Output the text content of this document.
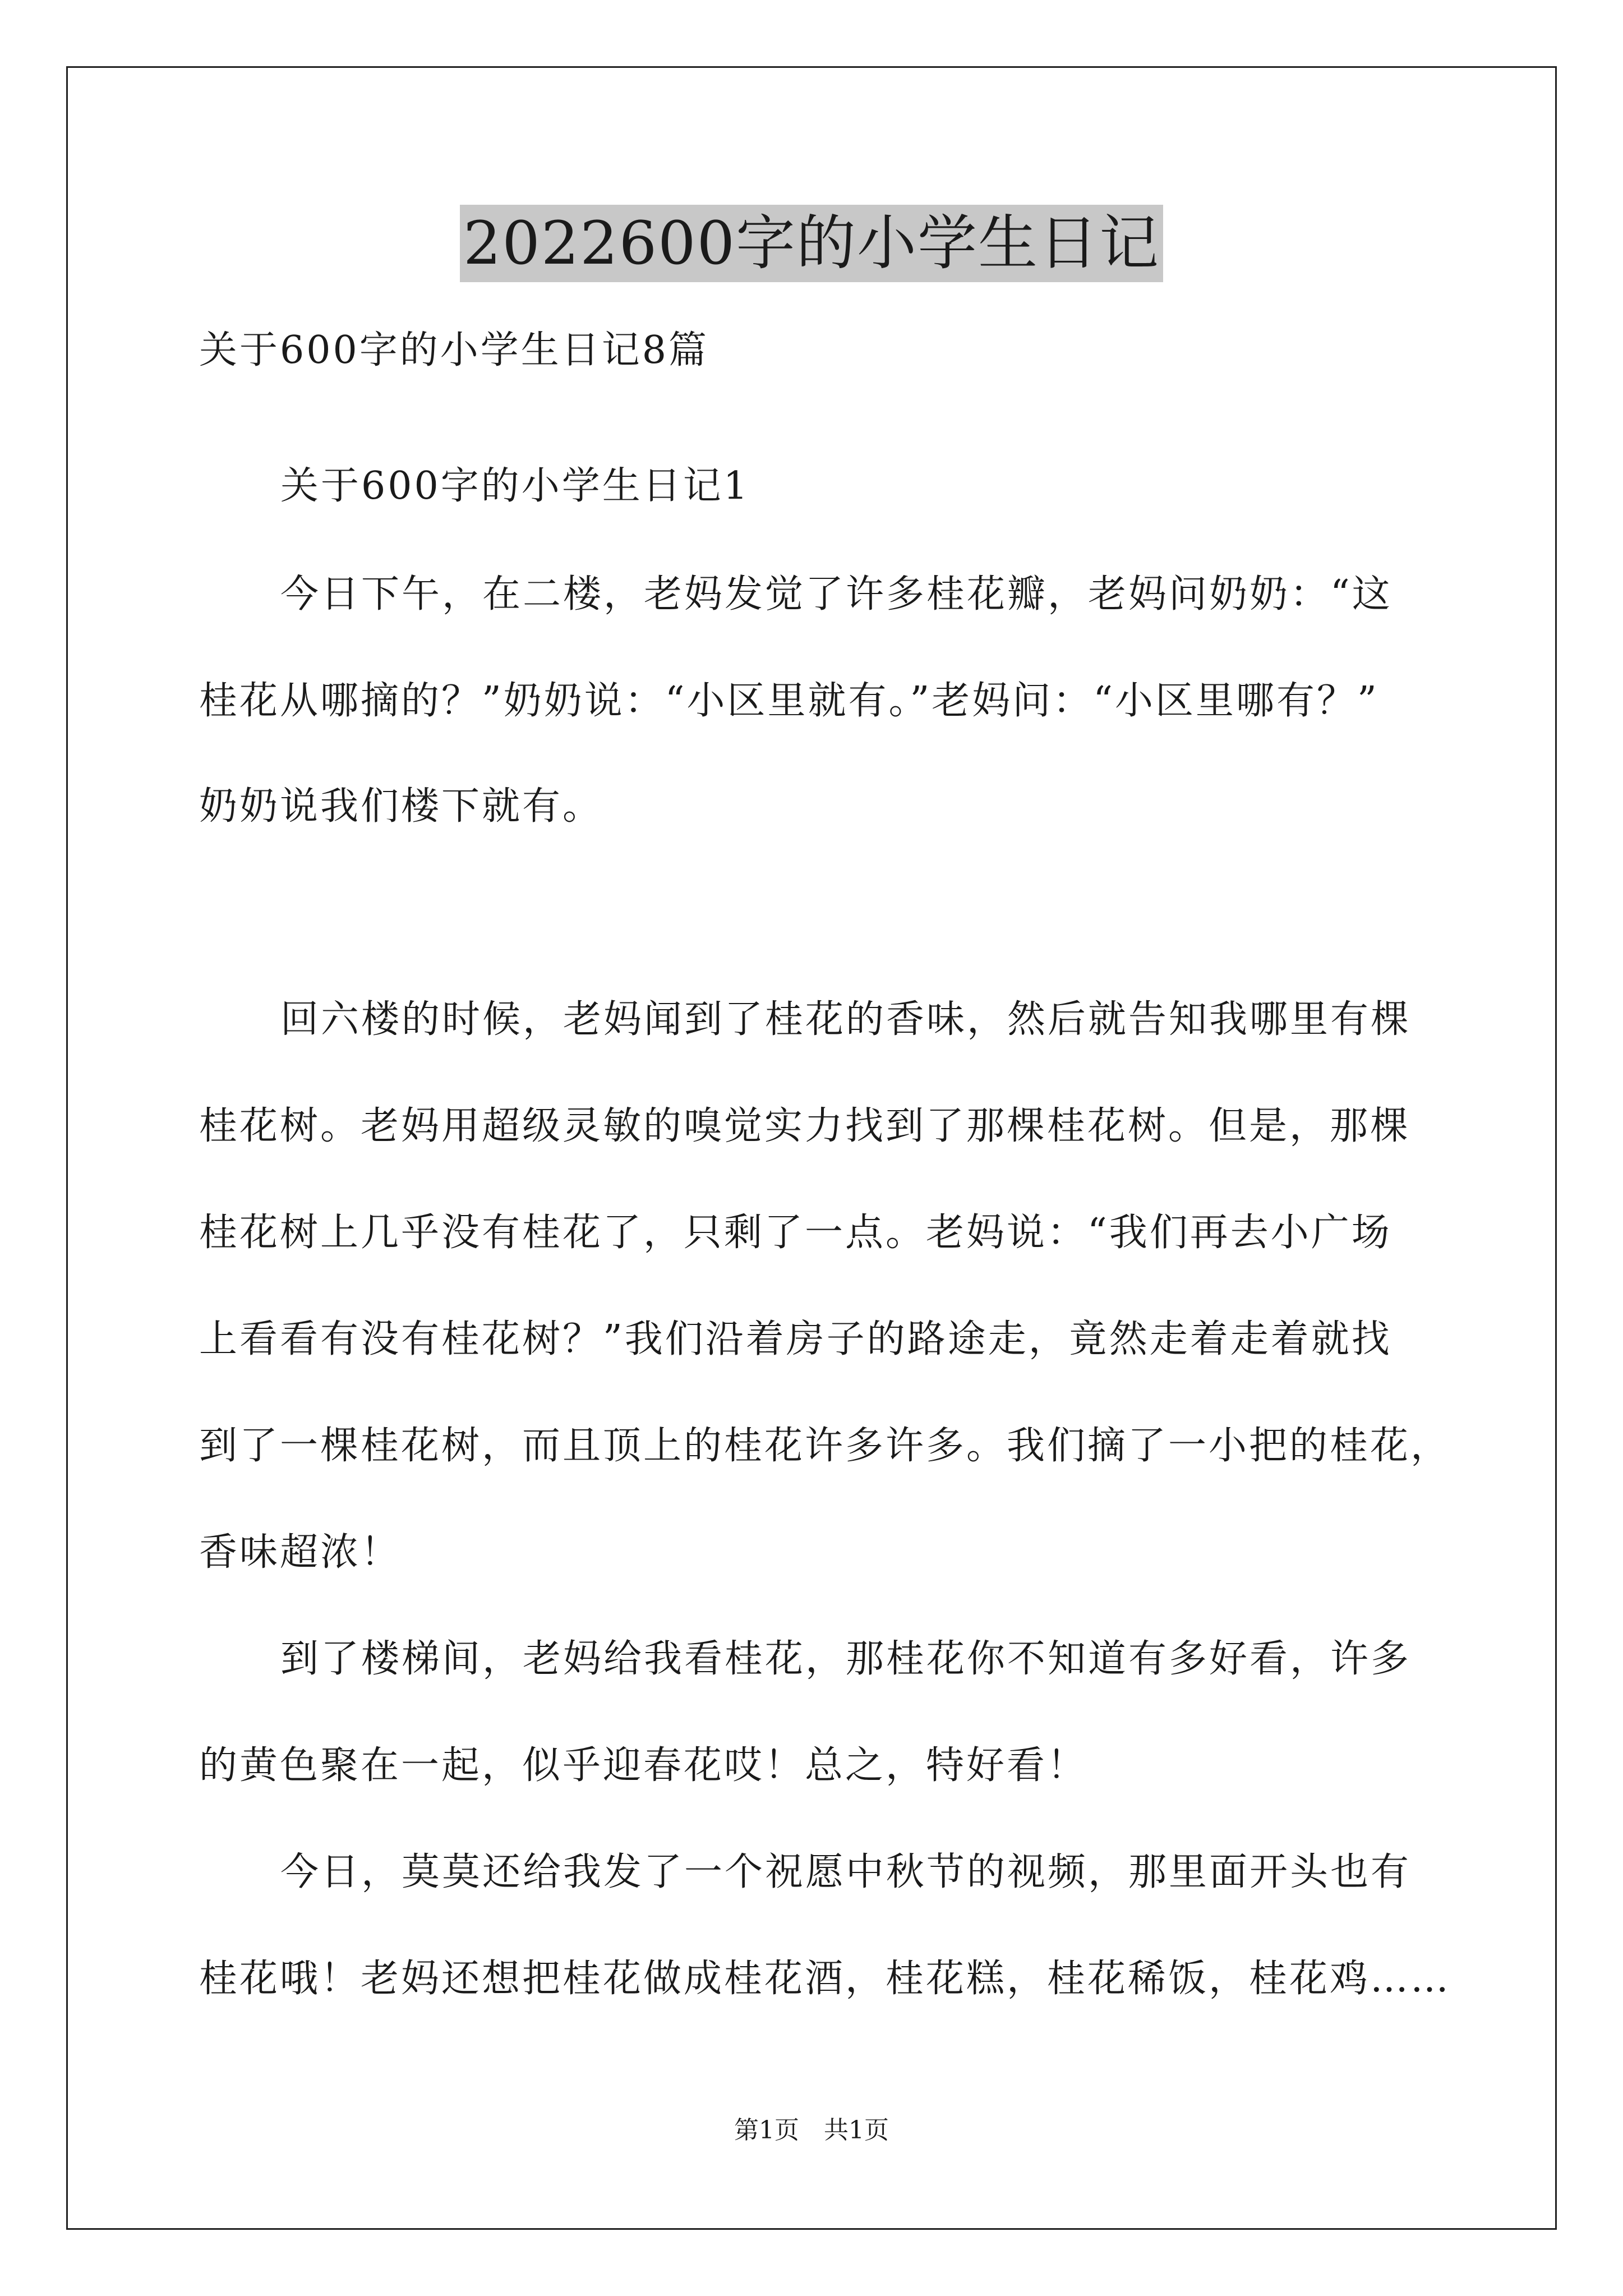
2022600字的小学生日记
关于600字的小学生日记8篇
关于600字的小学生日记1
今日下午，在二楼，老妈发觉了许多桂花瓣，老妈问奶奶：“这
桂花从哪摘的？”奶奶说：“小区里就有。”老妈问：“小区里哪有？”
奶奶说我们楼下就有。
回六楼的时候，老妈闻到了桂花的香味，然后就告知我哪里有棵
桂花树。老妈用超级灵敏的嗅觉实力找到了那棵桂花树。但是，那棵
桂花树上几乎没有桂花了，只剩了一点。老妈说：“我们再去小广场
上看看有没有桂花树？”我们沿着房子的路途走，竟然走着走着就找
到了一棵桂花树，而且顶上的桂花许多许多。我们摘了一小把的桂花，
香味超浓！
到了楼梯间，老妈给我看桂花，那桂花你不知道有多好看，许多
的黄色聚在一起，似乎迎春花哎！总之，特好看！
今日，莫莫还给我发了一个祝愿中秋节的视频，那里面开头也有
桂花哦！老妈还想把桂花做成桂花酒，桂花糕，桂花稀饭，桂花鸡……
第1页　共1页
